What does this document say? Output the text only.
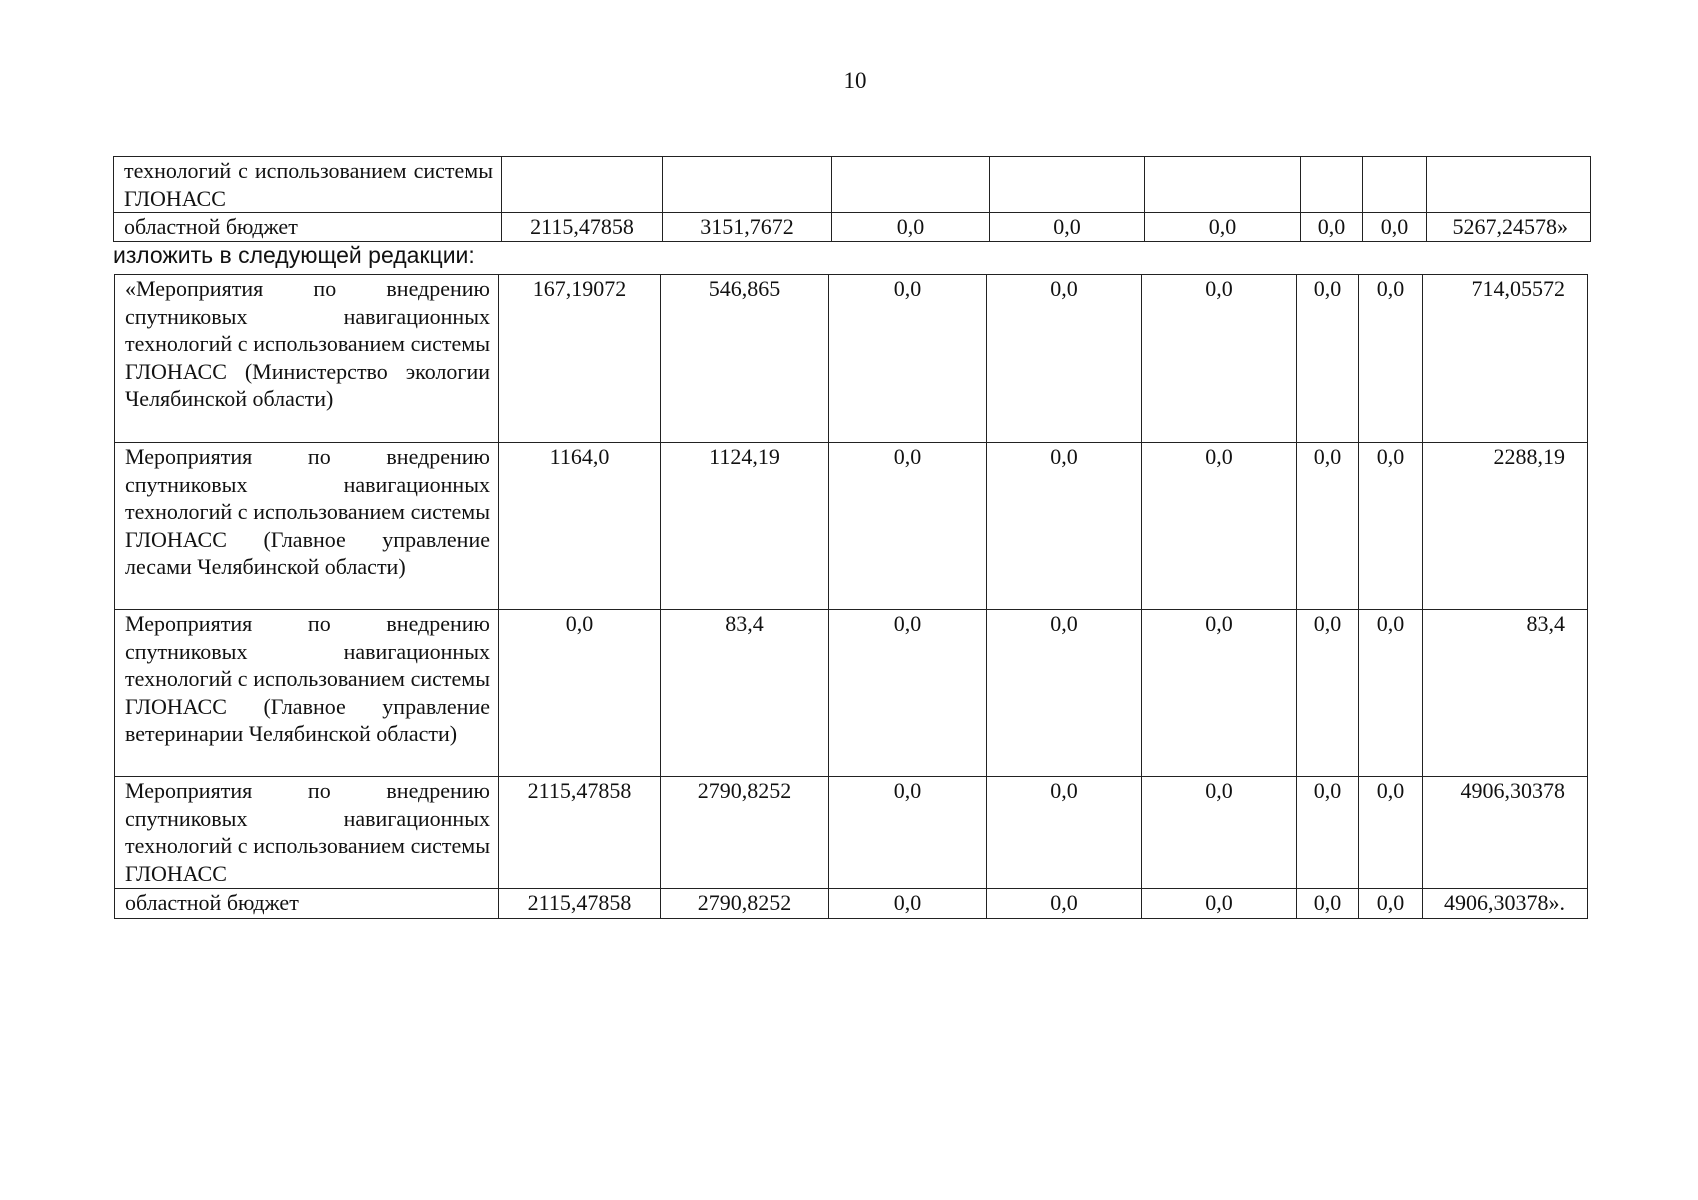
10
технологий с использованием системы ГЛОНАСС								
областной бюджет	2115,47858	3151,7672	0,0	0,0	0,0	0,0	0,0	5267,24578»
изложить в следующей редакции:
«Мероприятия по внедрению спутниковых навигационных технологий с использованием системы ГЛОНАСС (Министерство экологии Челябинской области)	167,19072	546,865	0,0	0,0	0,0	0,0	0,0	714,05572
Мероприятия по внедрению спутниковых навигационных технологий с использованием системы ГЛОНАСС (Главное управление лесами Челябинской области)	1164,0	1124,19	0,0	0,0	0,0	0,0	0,0	2288,19
Мероприятия по внедрению спутниковых навигационных технологий с использованием системы ГЛОНАСС (Главное управление ветеринарии Челябинской области)	0,0	83,4	0,0	0,0	0,0	0,0	0,0	83,4
Мероприятия по внедрению спутниковых навигационных технологий с использованием системы ГЛОНАСС	2115,47858	2790,8252	0,0	0,0	0,0	0,0	0,0	4906,30378
областной бюджет	2115,47858	2790,8252	0,0	0,0	0,0	0,0	0,0	4906,30378».
